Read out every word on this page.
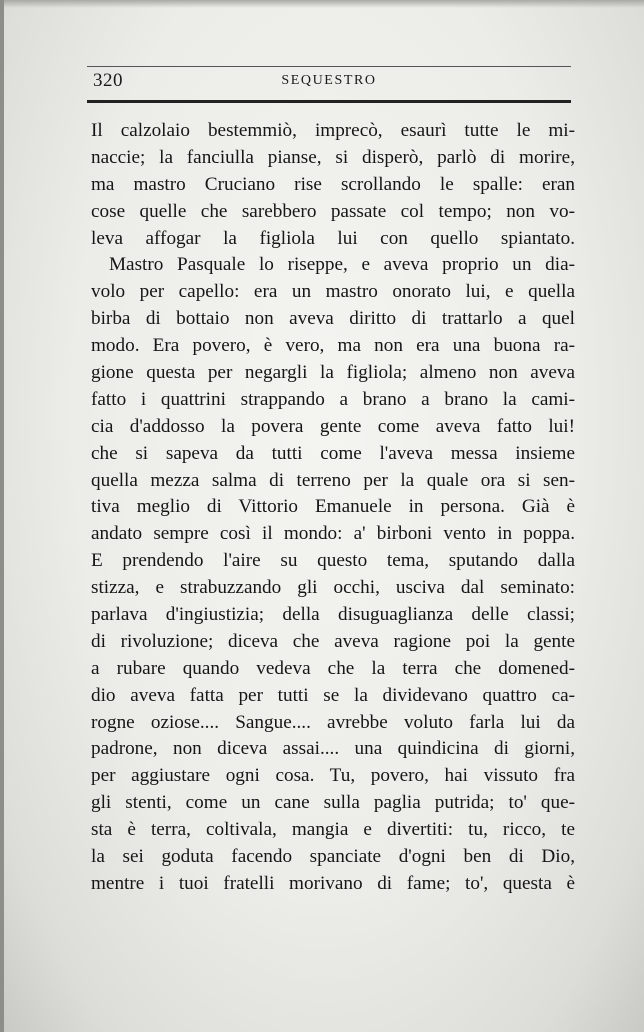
320	SEQUESTRO
Il calzolaio bestemmiò, imprecò, esaurì tutte le mi-
naccie; la fanciulla pianse, si disperò, parlò di morire,
ma mastro Cruciano rise scrollando le spalle: eran
cose quelle che sarebbero passate col tempo; non vo-
leva affogar la figliola lui con quello spiantato.
Mastro Pasquale lo riseppe, e aveva proprio un dia-
volo per capello: era un mastro onorato lui, e quella
birba di bottaio non aveva diritto di trattarlo a quel
modo. Era povero, è vero, ma non era una buona ra-
gione questa per negargli la figliola; almeno non aveva
fatto i quattrini strappando a brano a brano la cami-
cia d'addosso la povera gente come aveva fatto lui!
che si sapeva da tutti come l'aveva messa insieme
quella mezza salma di terreno per la quale ora si sen-
tiva meglio di Vittorio Emanuele in persona. Già è
andato sempre così il mondo: a' birboni vento in poppa.
E prendendo l'aire su questo tema, sputando dalla
stizza, e strabuzzando gli occhi, usciva dal seminato:
parlava d'ingiustizia; della disuguaglianza delle classi;
di rivoluzione; diceva che aveva ragione poi la gente
a rubare quando vedeva che la terra che domened-
dio aveva fatta per tutti se la dividevano quattro ca-
rogne oziose.... Sangue.... avrebbe voluto farla lui da
padrone, non diceva assai.... una quindicina di giorni,
per aggiustare ogni cosa. Tu, povero, hai vissuto fra
gli stenti, come un cane sulla paglia putrida; to' que-
sta è terra, coltivala, mangia e divertiti: tu, ricco, te
la sei goduta facendo spanciate d'ogni ben di Dio,
mentre i tuoi fratelli morivano di fame; to', questa è
